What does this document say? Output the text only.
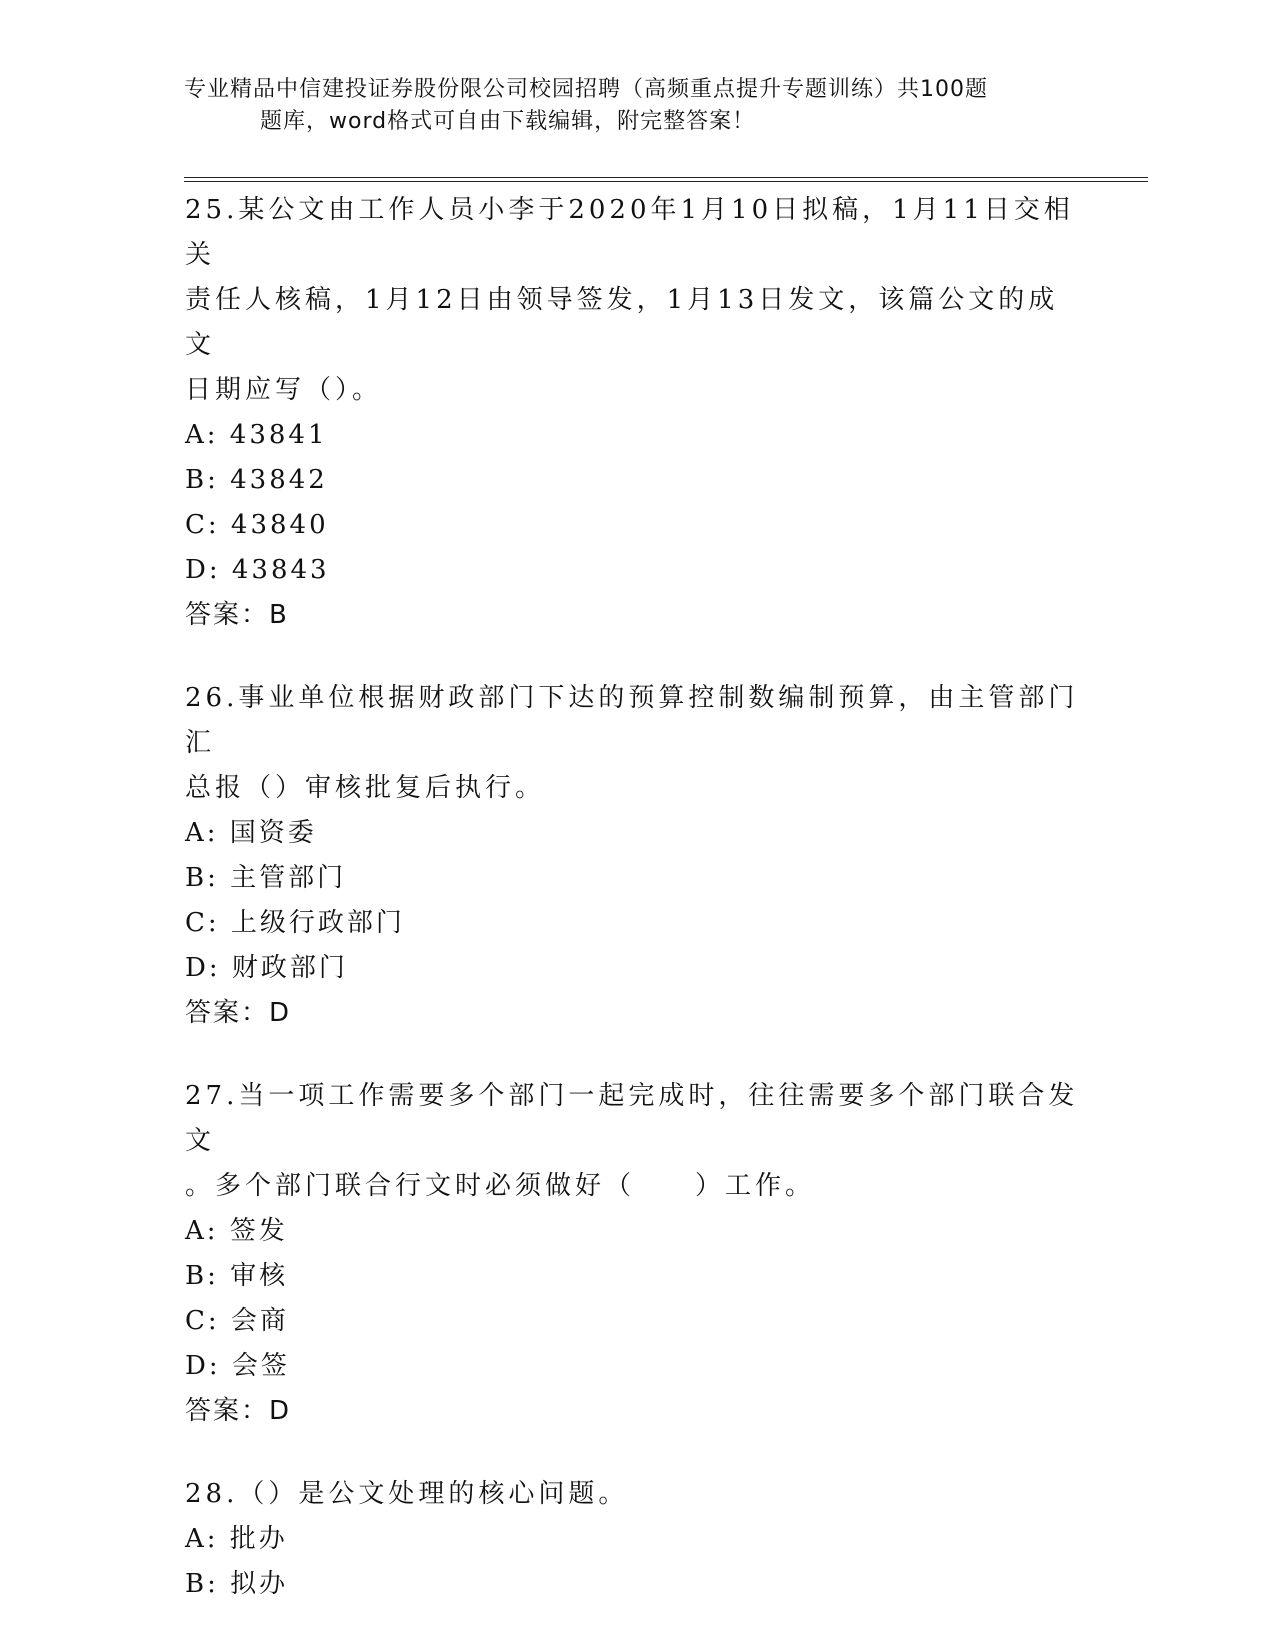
专业精品中信建投证券股份限公司校园招聘（高频重点提升专题训练）共100题
题库，word格式可自由下载编辑，附完整答案！
25.某公文由工作人员小李于2020年1月10日拟稿，1月11日交相关
责任人核稿，1月12日由领导签发，1月13日发文，该篇公文的成文
日期应写（）。
A: 43841
B: 43842
C: 43840
D: 43843
答案：B
26.事业单位根据财政部门下达的预算控制数编制预算，由主管部门汇
总报（）审核批复后执行。
A: 国资委
B: 主管部门
C: 上级行政部门
D: 财政部门
答案：D
27.当一项工作需要多个部门一起完成时，往往需要多个部门联合发文
。多个部门联合行文时必须做好（　　）工作。
A: 签发
B: 审核
C: 会商
D: 会签
答案：D
28.（）是公文处理的核心问题。
A: 批办
B: 拟办
